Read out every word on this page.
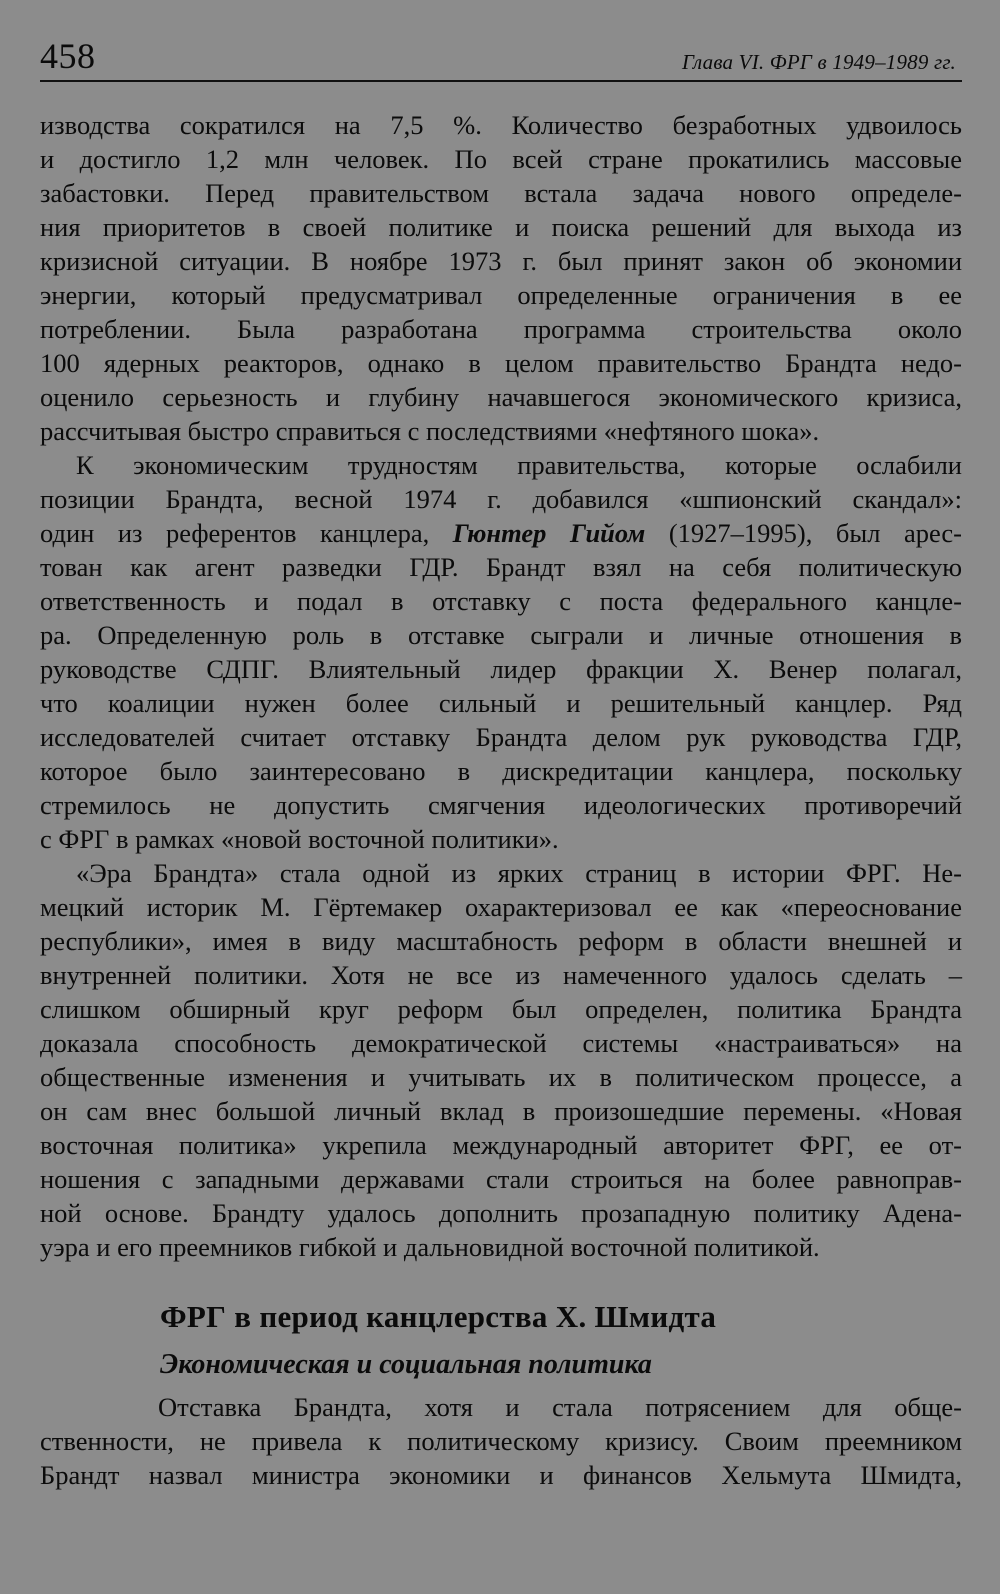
458	Глава VI. ФРГ в 1949–1989 гг.
изводства сократился на 7,5 %. Количество безработных удвоилось
и достигло 1,2 млн человек. По всей стране прокатились массовые
забастовки. Перед правительством встала задача нового определе-
ния приоритетов в своей политике и поиска решений для выхода из
кризисной ситуации. В ноябре 1973 г. был принят закон об экономии
энергии, который предусматривал определенные ограничения в ее
потреблении. Была разработана программа строительства около
100 ядерных реакторов, однако в целом правительство Брандта недо-
оценило серьезность и глубину начавшегося экономического кризиса,
рассчитывая быстро справиться с последствиями «нефтяного шока».
К экономическим трудностям правительства, которые ослабили
позиции Брандта, весной 1974 г. добавился «шпионский скандал»:
один из референтов канцлера, Гюнтер Гийом (1927–1995), был арес-
тован как агент разведки ГДР. Брандт взял на себя политическую
ответственность и подал в отставку с поста федерального канцле-
ра. Определенную роль в отставке сыграли и личные отношения в
руководстве СДПГ. Влиятельный лидер фракции Х. Венер полагал,
что коалиции нужен более сильный и решительный канцлер. Ряд
исследователей считает отставку Брандта делом рук руководства ГДР,
которое было заинтересовано в дискредитации канцлера, поскольку
стремилось не допустить смягчения идеологических противоречий
с ФРГ в рамках «новой восточной политики».
«Эра Брандта» стала одной из ярких страниц в истории ФРГ. Не-
мецкий историк М. Гёртемакер охарактеризовал ее как «переоснование
республики», имея в виду масштабность реформ в области внешней и
внутренней политики. Хотя не все из намеченного удалось сделать –
слишком обширный круг реформ был определен, политика Брандта
доказала способность демократической системы «настраиваться» на
общественные изменения и учитывать их в политическом процессе, а
он сам внес большой личный вклад в произошедшие перемены. «Новая
восточная политика» укрепила международный авторитет ФРГ, ее от-
ношения с западными державами стали строиться на более равноправ-
ной основе. Брандту удалось дополнить прозападную политику Адена-
уэра и его преемников гибкой и дальновидной восточной политикой.
ФРГ в период канцлерства Х. Шмидта
Экономическая и социальная политика
Отставка Брандта, хотя и стала потрясением для обще-
ственности, не привела к политическому кризису. Своим преемником
Брандт назвал министра экономики и финансов Хельмута Шмидта,
